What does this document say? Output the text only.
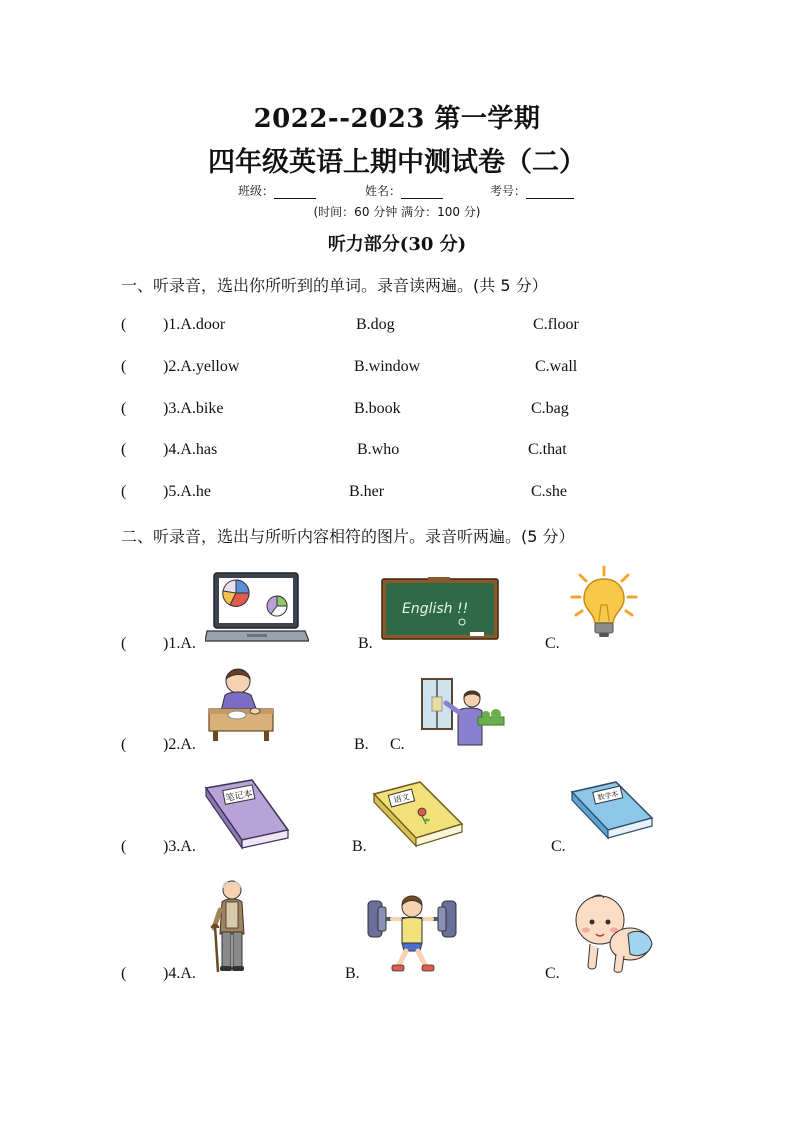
2022--2023 第一学期
四年级英语上期中测试卷（二）
班级：	姓名：	考号：
(时间：60 分钟 满分：100 分)
听力部分(30 分)
一、听录音，选出你所听到的单词。录音读两遍。(共 5 分）
( )1.A.door	B.dog	C.floor
( )2.A.yellow	B.window	C.wall
( )3.A.bike	B.book	C.bag
( )4.A.has	B.who	C.that
( )5.A.he	B.her	C.she
二、听录音，选出与所听内容相符的图片。录音听两遍。(5 分）
( )1.A.	B.	C.
English !!
( )2.A.	B. C.
( )3.A.	B.	C.
笔记本	语文	数学本
( )4.A.	B.	C.
